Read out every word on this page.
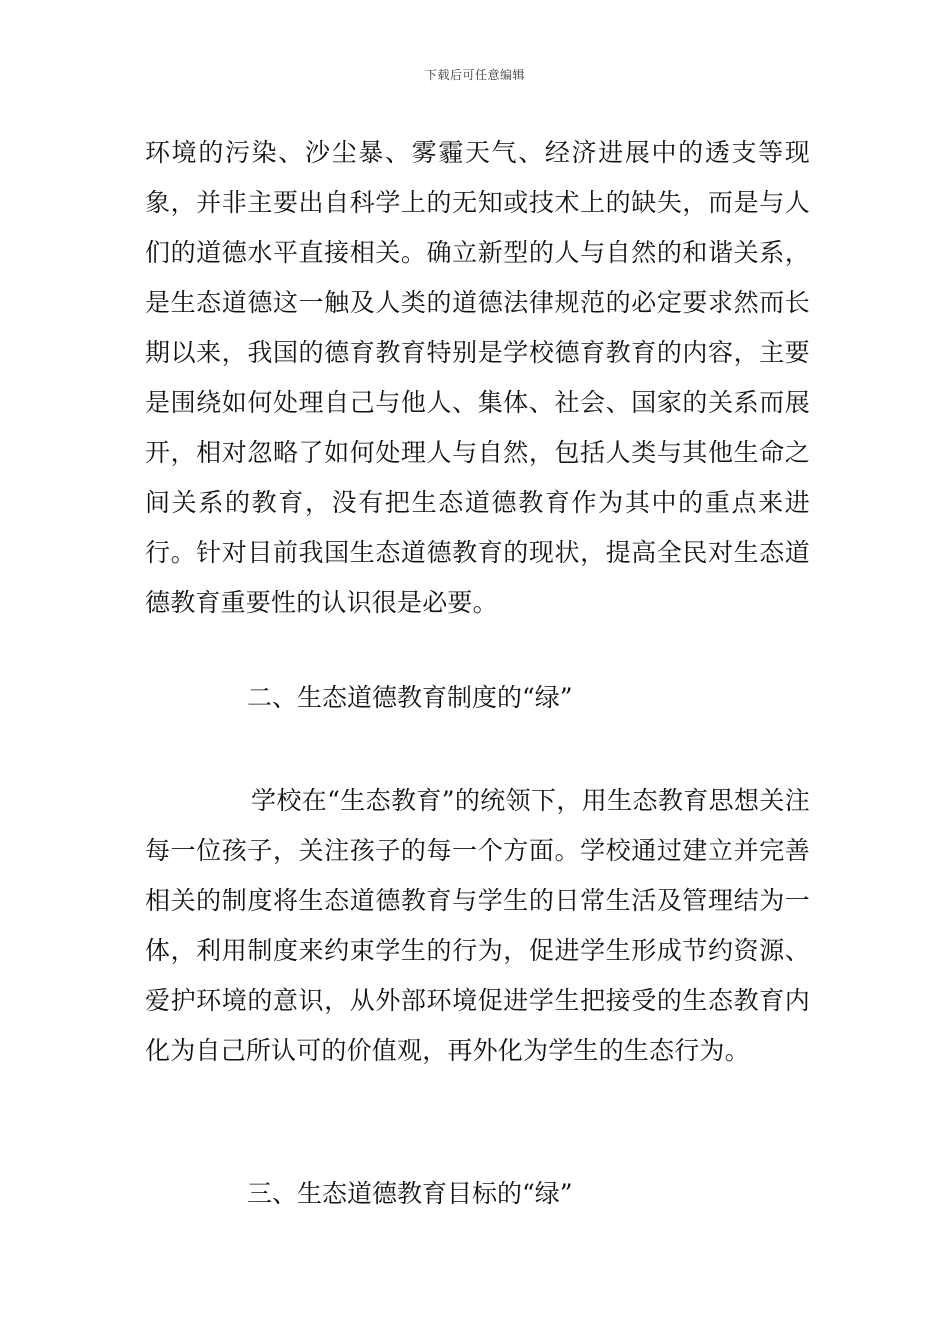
下载后可任意编辑

环境的污染、沙尘暴、雾霾天气、经济进展中的透支等现象，并非主要出自科学上的无知或技术上的缺失，而是与人们的道德水平直接相关。确立新型的人与自然的和谐关系，是生态道德这一触及人类的道德法律规范的必定要求然而长期以来，我国的德育教育特别是学校德育教育的内容，主要是围绕如何处理自己与他人、集体、社会、国家的关系而展开，相对忽略了如何处理人与自然，包括人类与其他生命之间关系的教育，没有把生态道德教育作为其中的重点来进行。针对目前我国生态道德教育的现状，提高全民对生态道德教育重要性的认识很是必要。

二、生态道德教育制度的“绿”

学校在“生态教育”的统领下，用生态教育思想关注每一位孩子，关注孩子的每一个方面。学校通过建立并完善相关的制度将生态道德教育与学生的日常生活及管理结为一体，利用制度来约束学生的行为，促进学生形成节约资源、爱护环境的意识，从外部环境促进学生把接受的生态教育内化为自己所认可的价值观，再外化为学生的生态行为。

三、生态道德教育目标的“绿”
